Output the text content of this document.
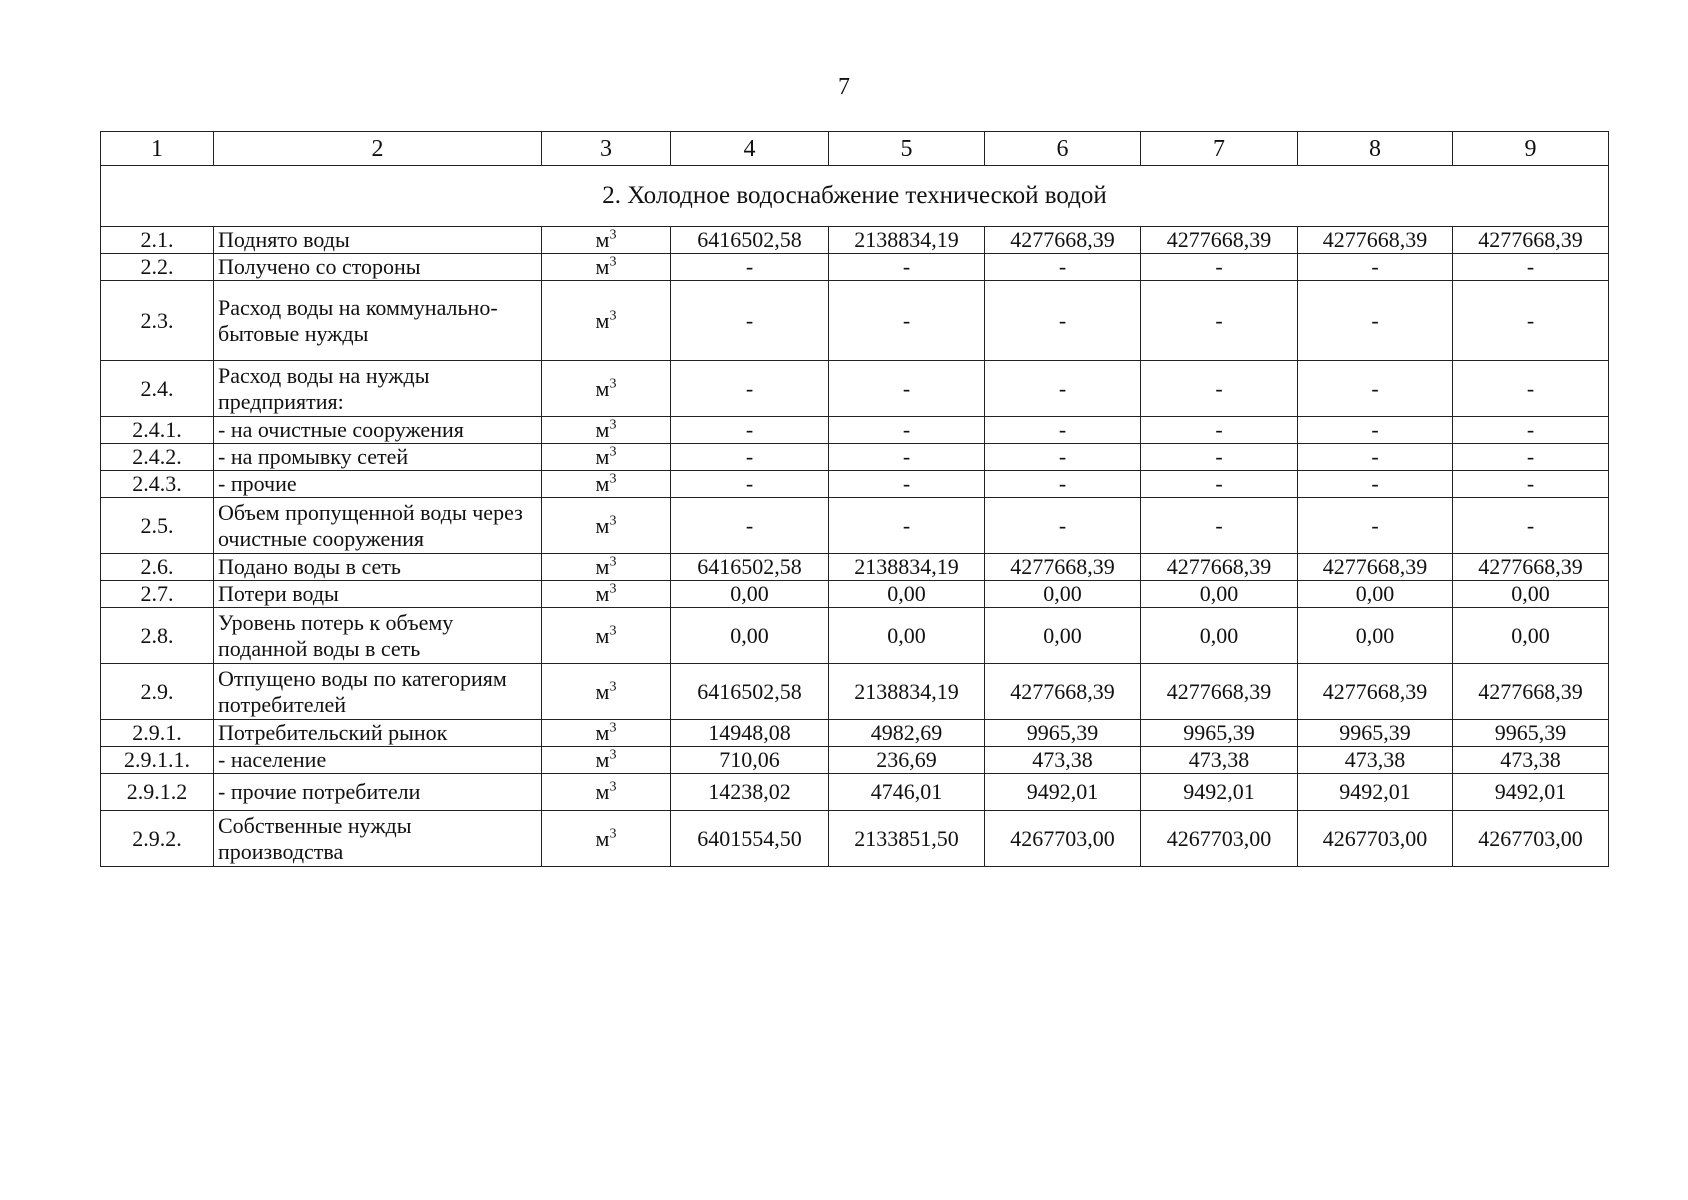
7
1	2	3	4	5	6	7	8	9
2. Холодное водоснабжение технической водой								
2.1.	Поднято воды	$м^3$	6416502,58	2138834,19	4277668,39	4277668,39	4277668,39	4277668,39
2.2.	Получено со стороны	$м^3$	-	-	-	-	-	-
2.3.	Расход воды на коммунально-бытовые нужды	$м^3$	-	-	-	-	-	-
2.4.	Расход воды на нужды предприятия:	$м^3$	-	-	-	-	-	-
2.4.1.	- на очистные сооружения	$м^3$	-	-	-	-	-	-
2.4.2.	- на промывку сетей	$м^3$	-	-	-	-	-	-
2.4.3.	- прочие	$м^3$	-	-	-	-	-	-
2.5.	Объем пропущенной воды через очистные сооружения	$м^3$	-	-	-	-	-	-
2.6.	Подано воды в сеть	$м^3$	6416502,58	2138834,19	4277668,39	4277668,39	4277668,39	4277668,39
2.7.	Потери воды	$м^3$	0,00	0,00	0,00	0,00	0,00	0,00
2.8.	Уровень потерь к объему поданной воды в сеть	$м^3$	0,00	0,00	0,00	0,00	0,00	0,00
2.9.	Отпущено воды по категориям потребителей	$м^3$	6416502,58	2138834,19	4277668,39	4277668,39	4277668,39	4277668,39
2.9.1.	Потребительский рынок	$м^3$	14948,08	4982,69	9965,39	9965,39	9965,39	9965,39
2.9.1.1.	- население	$м^3$	710,06	236,69	473,38	473,38	473,38	473,38
2.9.1.2	- прочие потребители	$м^3$	14238,02	4746,01	9492,01	9492,01	9492,01	9492,01
2.9.2.	Собственные нужды производства	$м^3$	6401554,50	2133851,50	4267703,00	4267703,00	4267703,00	4267703,00
